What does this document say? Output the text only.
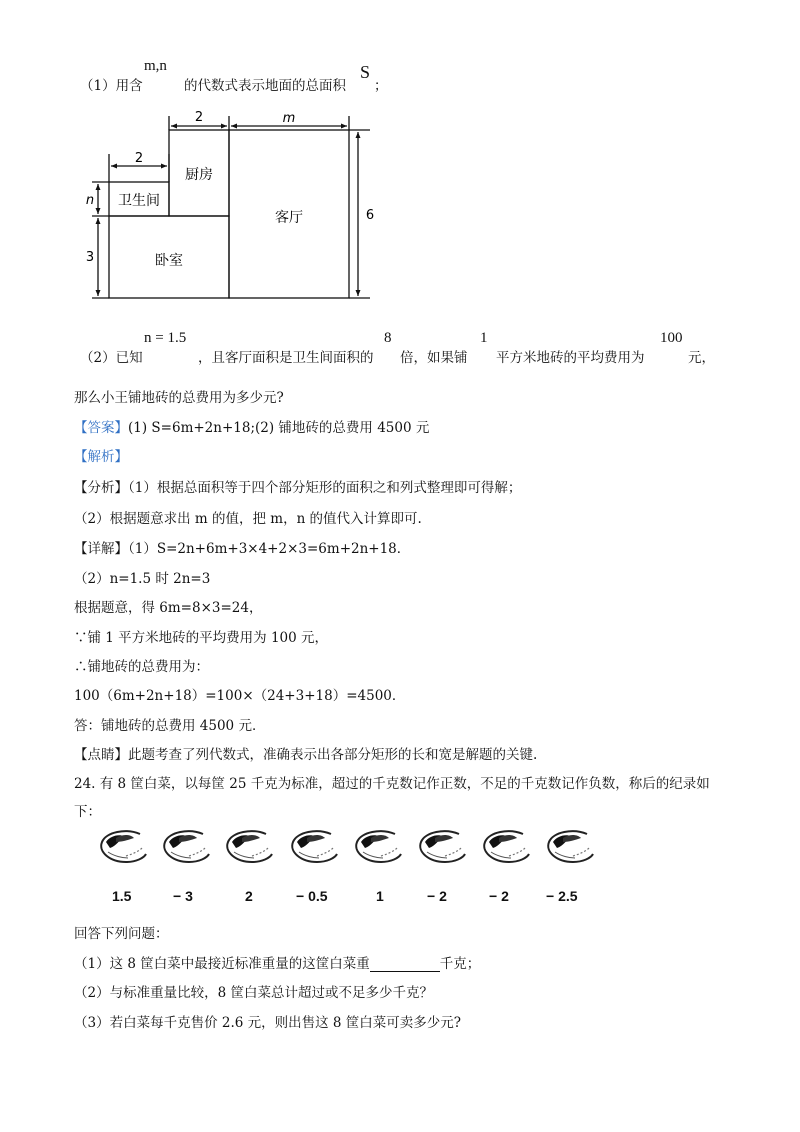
（1）用含
m,n
的代数式表示地面的总面积
S
；
2	m
2
n
3
6
厨房
卫生间
客厅
卧室
（2）已知
n = 1.5
，且客厅面积是卫生间面积的
8
倍，如果铺
1
平方米地砖的平均费用为
100
元，
那么小王铺地砖的总费用为多少元?
【答案】(1) S=6m+2n+18;(2) 铺地砖的总费用 4500 元
【解析】
【分析】（1）根据总面积等于四个部分矩形的面积之和列式整理即可得解；
（2）根据题意求出 m 的值，把 m，n 的值代入计算即可.
【详解】（1）S=2n+6m+3×4+2×3=6m+2n+18．
（2）n=1.5 时 2n=3
根据题意，得 6m=8×3=24，
∵铺 1 平方米地砖的平均费用为 100 元，
∴铺地砖的总费用为：
100（6m+2n+18）=100×（24+3+18）=4500．
答：铺地砖的总费用 4500 元．
【点睛】此题考查了列代数式，准确表示出各部分矩形的长和宽是解题的关键.
24. 有 8 筐白菜，以每筐 25 千克为标准，超过的千克数记作正数，不足的千克数记作负数，称后的纪录如
下：
1.5	− 3	2	− 0.5	1	− 2	− 2	− 2.5
回答下列问题：
（1）这 8 筐白菜中最接近标准重量的这筐白菜重	千克；
（2）与标准重量比较，8 筐白菜总计超过或不足多少千克？
（3）若白菜每千克售价 2.6 元，则出售这 8 筐白菜可卖多少元?
